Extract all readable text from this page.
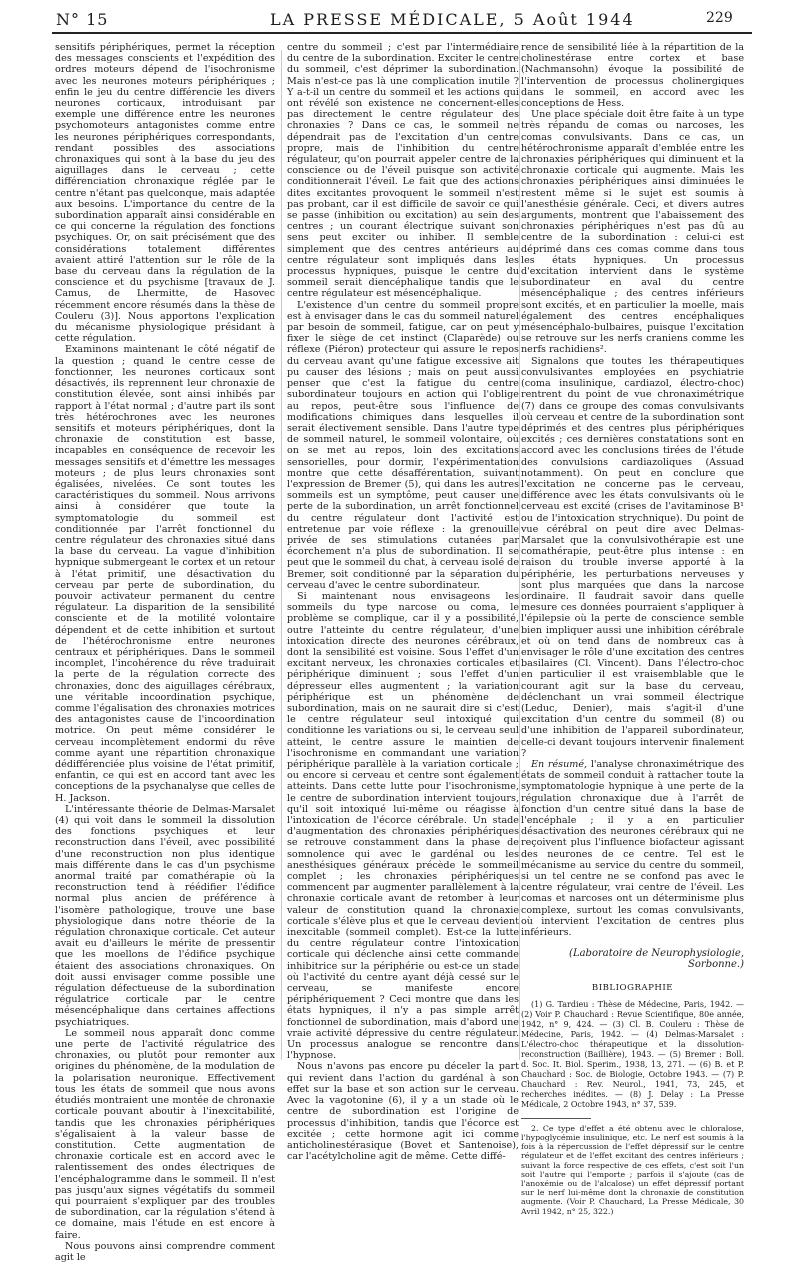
N° 15	LA PRESSE MÉDICALE, 5 Août 1944	229

sensitifs périphériques, permet la réception des messages conscients et l'expédition des ordres moteurs dépend de l'isochronisme avec les neurones moteurs périphériques ; enfin le jeu du centre différencie les divers neurones corticaux, introduisant par exemple une différence entre les neurones psychomoteurs antagonistes comme entre les neurones périphériques correspondants, rendant possibles des associations chronaxiques qui sont à la base du jeu des aiguillages dans le cerveau ; cette différenciation chronaxique réglée par le centre n'étant pas quelconque, mais adaptée aux besoins. L'importance du centre de la subordination apparaît ainsi considérable en ce qui concerne la régulation des fonctions psychiques. Or, on sait précisément que des considérations totalement différentes avaient attiré l'attention sur le rôle de la base du cerveau dans la régulation de la conscience et du psychisme [travaux de J. Camus, de Lhermitte, de Hasovec récemment encore résumés dans la thèse de Couleru (3)]. Nous apportons l'explication du mécanisme physiologique présidant à cette régulation.

Examinons maintenant le côté négatif de la question ; quand le centre cesse de fonctionner, les neurones corticaux sont désactivés, ils reprennent leur chronaxie de constitution élevée, sont ainsi inhibés par rapport à l'état normal ; d'autre part ils sont très hétérochrones avec les neurones sensitifs et moteurs périphériques, dont la chronaxie de constitution est basse, incapables en conséquence de recevoir les messages sensitifs et d'émettre les messages moteurs ; de plus leurs chronaxies sont égalisées, nivelées. Ce sont toutes les caractéristiques du sommeil. Nous arrivons ainsi à considérer que toute la symptomatologie du sommeil est conditionnée par l'arrêt fonctionnel du centre régulateur des chronaxies situé dans la base du cerveau. La vague d'inhibition hypnique submergeant le cortex et un retour à l'état primitif, une désactivation du cerveau par perte de subordination, du pouvoir activateur permanent du centre régulateur. La disparition de la sensibilité consciente et de la motilité volontaire dépendent et de cette inhibition et surtout de l'hétérochronisme entre neurones centraux et périphériques. Dans le sommeil incomplet, l'incohérence du rêve traduirait la perte de la régulation correcte des chronaxies, donc des aiguillages cérébraux, une véritable incoordination psychique, comme l'égalisation des chronaxies motrices des antagonistes cause de l'incoordination motrice. On peut même considérer le cerveau incomplètement endormi du rêve comme ayant une répartition chronaxique dédifférenciée plus voisine de l'état primitif, enfantin, ce qui est en accord tant avec les conceptions de la psychanalyse que celles de H. Jackson.

L'intéressante théorie de Delmas-Marsalet (4) qui voit dans le sommeil la dissolution des fonctions psychiques et leur reconstruction dans l'éveil, avec possibilité d'une reconstruction non plus identique mais différente dans le cas d'un psychisme anormal traité par comathérapie où la reconstruction tend à réédifier l'édifice normal plus ancien de préférence à l'isomère pathologique, trouve une base physiologique dans notre théorie de la régulation chronaxique corticale. Cet auteur avait eu d'ailleurs le mérite de pressentir que les moellons de l'édifice psychique étaient des associations chronaxiques. On doit aussi envisager comme possible une régulation défectueuse de la subordination régulatrice corticale par le centre mésencéphalique dans certaines affections psychiatriques.

Le sommeil nous apparaît donc comme une perte de l'activité régulatrice des chronaxies, ou plutôt pour remonter aux origines du phénomène, de la modulation de la polarisation neuronique. Effectivement tous les états de sommeil que nous avons étudiés montraient une montée de chronaxie corticale pouvant aboutir à l'inexcitabilité, tandis que les chronaxies périphériques s'égalisaient à la valeur basse de constitution. Cette augmentation de chronaxie corticale est en accord avec le ralentissement des ondes électriques de l'encéphalogramme dans le sommeil. Il n'est pas jusqu'aux signes végétatifs du sommeil qui pourraient s'expliquer par des troubles de subordination, car la régulation s'étend à ce domaine, mais l'étude en est encore à faire.

Nous pouvons ainsi comprendre comment agit le

centre du sommeil ; c'est par l'intermédiaire du centre de la subordination. Exciter le centre du sommeil, c'est déprimer la subordination. Mais n'est-ce pas là une complication inutile ? Y a-t-il un centre du sommeil et les actions qui ont révélé son existence ne concernent-elles pas directement le centre régulateur des chronaxies ? Dans ce cas, le sommeil ne dépendrait pas de l'excitation d'un centre propre, mais de l'inhibition du centre régulateur, qu'on pourrait appeler centre de la conscience ou de l'éveil puisque son activité conditionnerait l'éveil. Le fait que des actions dites excitantes provoquent le sommeil n'est pas probant, car il est difficile de savoir ce qui se passe (inhibition ou excitation) au sein des centres ; un courant électrique suivant son sens peut exciter ou inhiber. Il semble simplement que des centres antérieurs au centre régulateur sont impliqués dans les processus hypniques, puisque le centre du sommeil serait diencéphalique tandis que le centre régulateur est mésencéphalique.

L'existence d'un centre du sommeil propre est à envisager dans le cas du sommeil naturel par besoin de sommeil, fatigue, car on peut y fixer le siège de cet instinct (Claparède) ou réflexe (Piéron) protecteur qui assure le repos du cerveau avant qu'une fatigue excessive ait pu causer des lésions ; mais on peut aussi penser que c'est la fatigue du centre subordinateur toujours en action qui l'oblige au repos, peut-être sous l'influence de modifications chimiques dans lesquelles il serait électivement sensible. Dans l'autre type de sommeil naturel, le sommeil volontaire, où on se met au repos, loin des excitations sensorielles, pour dormir, l'expérimentation montre que cette désafférentation, suivant l'expression de Bremer (5), qui dans les autres sommeils est un symptôme, peut causer une perte de la subordination, un arrêt fonctionnel du centre régulateur dont l'activité est entretenue par voie réflexe : la grenouille privée de ses stimulations cutanées par écorchement n'a plus de subordination. Il se peut que le sommeil du chat, à cerveau isolé de Bremer, soit conditionné par la séparation du cerveau d'avec le centre subordinateur.

Si maintenant nous envisageons les sommeils du type narcose ou coma, le problème se complique, car il y a possibilité, outre l'atteinte du centre régulateur, d'une intoxication directe des neurones cérébraux, dont la sensibilité est voisine. Sous l'effet d'un excitant nerveux, les chronaxies corticales et périphérique diminuent ; sous l'effet d'un dépresseur elles augmentent ; la variation périphérique est un phénomène de subordination, mais on ne saurait dire si c'est le centre régulateur seul intoxiqué qui conditionne les variations ou si, le cerveau seul atteint, le centre assure le maintien de l'isochronisme en commandant une variation périphérique parallèle à la variation corticale ; ou encore si cerveau et centre sont également atteints. Dans cette lutte pour l'isochronisme, le centre de subordination intervient toujours, qu'il soit intoxiqué lui-même ou réagisse à l'intoxication de l'écorce cérébrale. Un stade d'augmentation des chronaxies périphériques se retrouve constamment dans la phase de somnolence qui avec le gardénal ou les anesthésiques généraux précède le sommeil complet ; les chronaxies périphériques commencent par augmenter parallèlement à la chronaxie corticale avant de retomber à leur valeur de constitution quand la chronaxie corticale s'élève plus et que le cerveau devient inexcitable (sommeil complet). Est-ce la lutte du centre régulateur contre l'intoxication corticale qui déclenche ainsi cette commande inhibitrice sur la périphérie ou est-ce un stade où l'activité du centre ayant déjà cessé sur le cerveau, se manifeste encore périphériquement ? Ceci montre que dans les états hypniques, il n'y a pas simple arrêt fonctionnel de subordination, mais d'abord une vraie activité dépressive du centre régulateur. Un processus analogue se rencontre dans l'hypnose.

Nous n'avons pas encore pu déceler la part qui revient dans l'action du gardénal à son effet sur la base et son action sur le cerveau. Avec la vagotonine (6), il y a un stade où le centre de subordination est l'origine de processus d'inhibition, tandis que l'écorce est excitée ; cette hormone agit ici comme anticholinestérasique (Bovet et Santenoise), car l'acétylcholine agit de même. Cette diffé-

rence de sensibilité liée à la répartition de la cholinestérase entre cortex et base (Nachmansohn) évoque la possibilité de l'intervention de processus cholinergiques dans le sommeil, en accord avec les conceptions de Hess.

Une place spéciale doit être faite à un type très répandu de comas ou narcoses, les comas convulsivants. Dans ce cas, un hétérochronisme apparaît d'emblée entre les chronaxies périphériques qui diminuent et la chronaxie corticale qui augmente. Mais les chronaxies périphériques ainsi diminuées le restent même si le sujet est soumis à l'anesthésie générale. Ceci, et divers autres arguments, montrent que l'abaissement des chronaxies périphériques n'est pas dû au centre de la subordination : celui-ci est déprimé dans ces comas comme dans tous les états hypniques. Un processus d'excitation intervient dans le système subordinateur en aval du centre mésencéphalique ; des centres inférieurs sont excités, et en particulier la moelle, mais également des centres encéphaliques mésencéphalo-bulbaires, puisque l'excitation se retrouve sur les nerfs craniens comme les nerfs rachidiens².

Signalons que toutes les thérapeutiques convulsivantes employées en psychiatrie (coma insulinique, cardiazol, électro-choc) rentrent du point de vue chronaximétrique (7) dans ce groupe des comas convulsivants où cerveau et centre de la subordination sont déprimés et des centres plus périphériques excités ; ces dernières constatations sont en accord avec les conclusions tirées de l'étude des convulsions cardiazoliques (Assuad notamment). On peut en conclure que l'excitation ne concerne pas le cerveau, différence avec les états convulsivants où le cerveau est excité (crises de l'avitaminose B¹ ou de l'intoxication strychnique). Du point de vue cérébral on peut dire avec Delmas-Marsalet que la convulsivothérapie est une comathérapie, peut-être plus intense : en raison du trouble inverse apporté à la périphérie, les perturbations nerveuses y sont plus marquées que dans la narcose ordinaire. Il faudrait savoir dans quelle mesure ces données pourraient s'appliquer à l'épilepsie où la perte de conscience semble bien impliquer aussi une inhibition cérébrale et où on tend dans de nombreux cas à envisager le rôle d'une excitation des centres basilaires (Cl. Vincent). Dans l'électro-choc en particulier il est vraisemblable que le courant agit sur la base du cerveau, déclenchant un vrai sommeil électrique (Leduc, Denier), mais s'agit-il d'une excitation d'un centre du sommeil (8) ou d'une inhibition de l'appareil subordinateur, celle-ci devant toujours intervenir finalement ?

En résumé, l'analyse chronaximétrique des états de sommeil conduit à rattacher toute la symptomatologie hypnique à une perte de la régulation chronaxique due à l'arrêt de fonction d'un centre situé dans la base de l'encéphale ; il y a en particulier désactivation des neurones cérébraux qui ne reçoivent plus l'influence biofacteur agissant des neurones de ce centre. Tel est le mécanisme au service du centre du sommeil, si un tel centre ne se confond pas avec le centre régulateur, vrai centre de l'éveil. Les comas et narcoses ont un déterminisme plus complexe, surtout les comas convulsivants, où intervient l'excitation de centres plus inférieurs.

(Laboratoire de Neurophysiologie, Sorbonne.)
BIBLIOGRAPHIE

(1) G. Tardieu : Thèse de Médecine, Paris, 1942. — (2) Voir P. Chauchard : Revue Scientifique, 80e année, 1942, n° 9, 424. — (3) Cl. B. Couleru : Thèse de Médecine, Paris, 1942. — (4) Delmas-Marsalet : L'électro-choc thérapeutique et la dissolution-reconstruction (Baillière), 1943. — (5) Bremer : Boll. d. Soc. It. Biol. Sperim., 1938, 13, 271. — (6) B. et P. Chauchard : Soc. de Biologie, Octobre 1943. — (7) P. Chauchard : Rev. Neurol., 1941, 73, 245, et recherches inédites. — (8) J. Delay : La Presse Médicale, 2 Octobre 1943, n° 37, 539.

2. Ce type d'effet a été obtenu avec le chloralose, l'hypoglycémie insulinique, etc. Le nerf est soumis à la fois à la répercussion de l'effet dépressif sur le centre régulateur et de l'effet excitant des centres inférieurs ; suivant la force respective de ces effets, c'est soit l'un soit l'autre qui l'emporte ; parfois il s'ajoute (cas de l'anoxémie ou de l'alcalose) un effet dépressif portant sur le nerf lui-même dont la chronaxie de constitution augmente. (Voir P. Chauchard, La Presse Médicale, 30 Avril 1942, n° 25, 322.)
